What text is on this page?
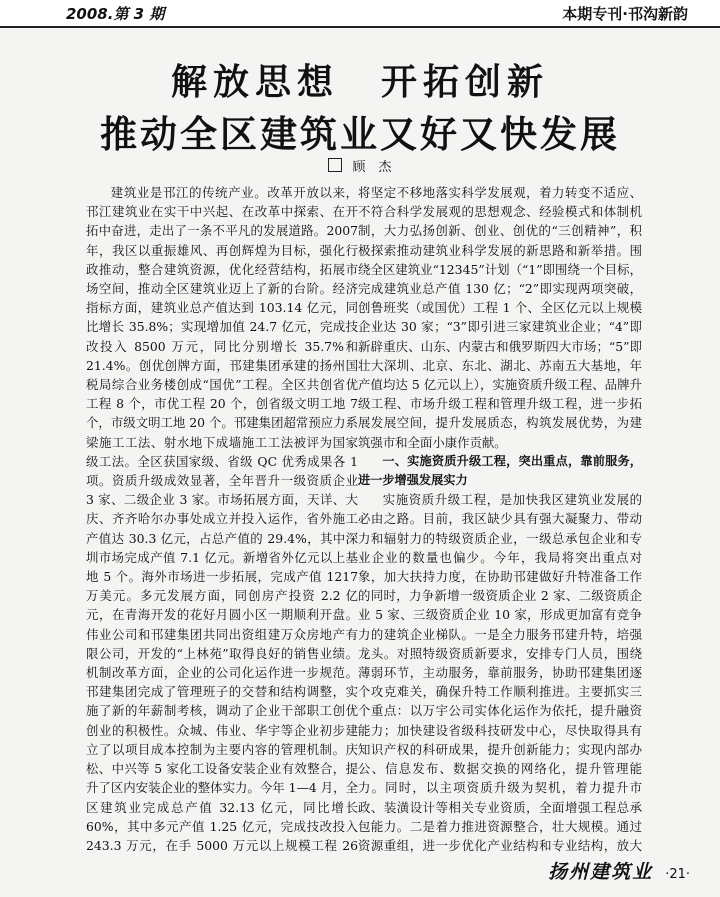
2008.第 3 期	本期专刊·邗沟新韵
解放思想　开拓创新
推动全区建筑业又好又快发展
顾　杰

建筑业是邗江的传统产业。改革开放以来，邗江建筑业在实干中兴起、在改革中探索、在开拓中奋进，走出了一条不平凡的发展道路。2007 年，我区以重振雄风、再创辉煌为目标，强化行政推动，整合建筑资源，优化经营结构，拓展市场空间，推动全区建筑业迈上了新的台阶。经济指标方面，建筑业总产值达到 103.14 亿元，同比增长 35.8%；实现增加值 24.7 亿元，完成技改投入 8500 万元，同比分别增长 35.7%和 21.4%。创优创牌方面，邗建集团承建的扬州国税局综合业务楼创成“国优”工程。全区共创省优工程 8 个，市优工程 20 个，创省级文明工地 7 个，市级文明工地 20 个。邗建集团超常预应力系梁施工工法、射水地下成墙施工工法被评为国家级工法。全区获国家级、省级 QC 优秀成果各 1 项。资质升级成效显著，全年晋升一级资质企业 3 家、二级企业 3 家。市场拓展方面，天详、大庆、齐齐哈尔办事处成立并投入运作，省外施工产值达 30.3 亿元，占总产值的 29.4%，其中深圳市场完成产值 7.1 亿元。新增省外亿元以上基地 5 个。海外市场进一步拓展，完成产值 1217 万美元。多元发展方面，同创房产投资 2.2 亿元，在青海开发的花好月圆小区一期顺利开盘。伟业公司和邗建集团共同出资组建万众房地产有限公司，开发的“上林苑”取得良好的销售业绩。机制改革方面，企业的公司化运作进一步规范。邗建集团完成了管理班子的交替和结构调整，实施了新的年薪制考核，调动了企业干部职工创优创业的积极性。众城、伟业、华宇等企业初步建立了以项目成本控制为主要内容的管理机制。庆松、中兴等 5 家化工设备安装企业有效整合，提升了区内安装企业的整体实力。今年 1—4 月，全区建筑业完成总产值 32.13 亿元，同比增长 60%，其中多元产值 1.25 亿元，完成技改投入 243.3 万元，在手 5000 万元以上规模工程 26

将坚定不移地落实科学发展观，着力转变不适应、不符合科学发展观的思想观念、经验模式和体制机制，大力弘扬创新、创业、创优的“三创精神”，积极探索推动建筑业科学发展的新思路和新举措。围绕全区建筑业“12345”计划（“1”即围绕一个目标，完成建筑业总产值 130 亿；“2”即实现两项突破，创鲁班奖（或国优）工程 1 个、全区亿元以上规模企业达 30 家；“3”即引进三家建筑业企业；“4”即新辟重庆、山东、内蒙古和俄罗斯四大市场；“5”即壮大深圳、北京、东北、湖北、苏南五大基地，年产值均达 5 亿元以上），实施资质升级工程、品牌升级工程、市场升级工程和管理升级工程，进一步拓展发展空间，提升发展质态，构筑发展优势，为建筑强市和全面小康作贡献。

一、实施资质升级工程，突出重点，靠前服务，进一步增强发展实力

实施资质升级工程，是加快我区建筑业发展的必由之路。目前，我区缺少具有强大凝聚力、带动力和辐射力的特级资质企业，一级总承包企业和专业企业的数量也偏少。今年，我局将突出重点对象，加大扶持力度，在协助邗建做好升特准备工作的同时，力争新增一级资质企业 2 家、二级资质企业 5 家、三级资质企业 10 家，形成更加富有竞争力的建筑企业梯队。一是全力服务邗建升特，培强龙头。对照特级资质新要求，安排专门人员，围绕薄弱环节，主动服务，靠前服务，协助邗建集团逐个攻克难关，确保升特工作顺利推进。主要抓实三个重点：以万宇公司实体化运作为依托，提升融资能力；加快建设省级科技研发中心，尽快取得具有知识产权的科研成果，提升创新能力；实现内部办公、信息发布、数据交换的网络化，提升管理能力。同时，以主项资质升级为契机，着力提升市政、装潢设计等相关专业资质，全面增强工程总承包能力。二是着力推进资源整合，壮大规模。通过资源重组，进一步优化产业结构和专业结构，放大

扬州建筑业 ·21·
